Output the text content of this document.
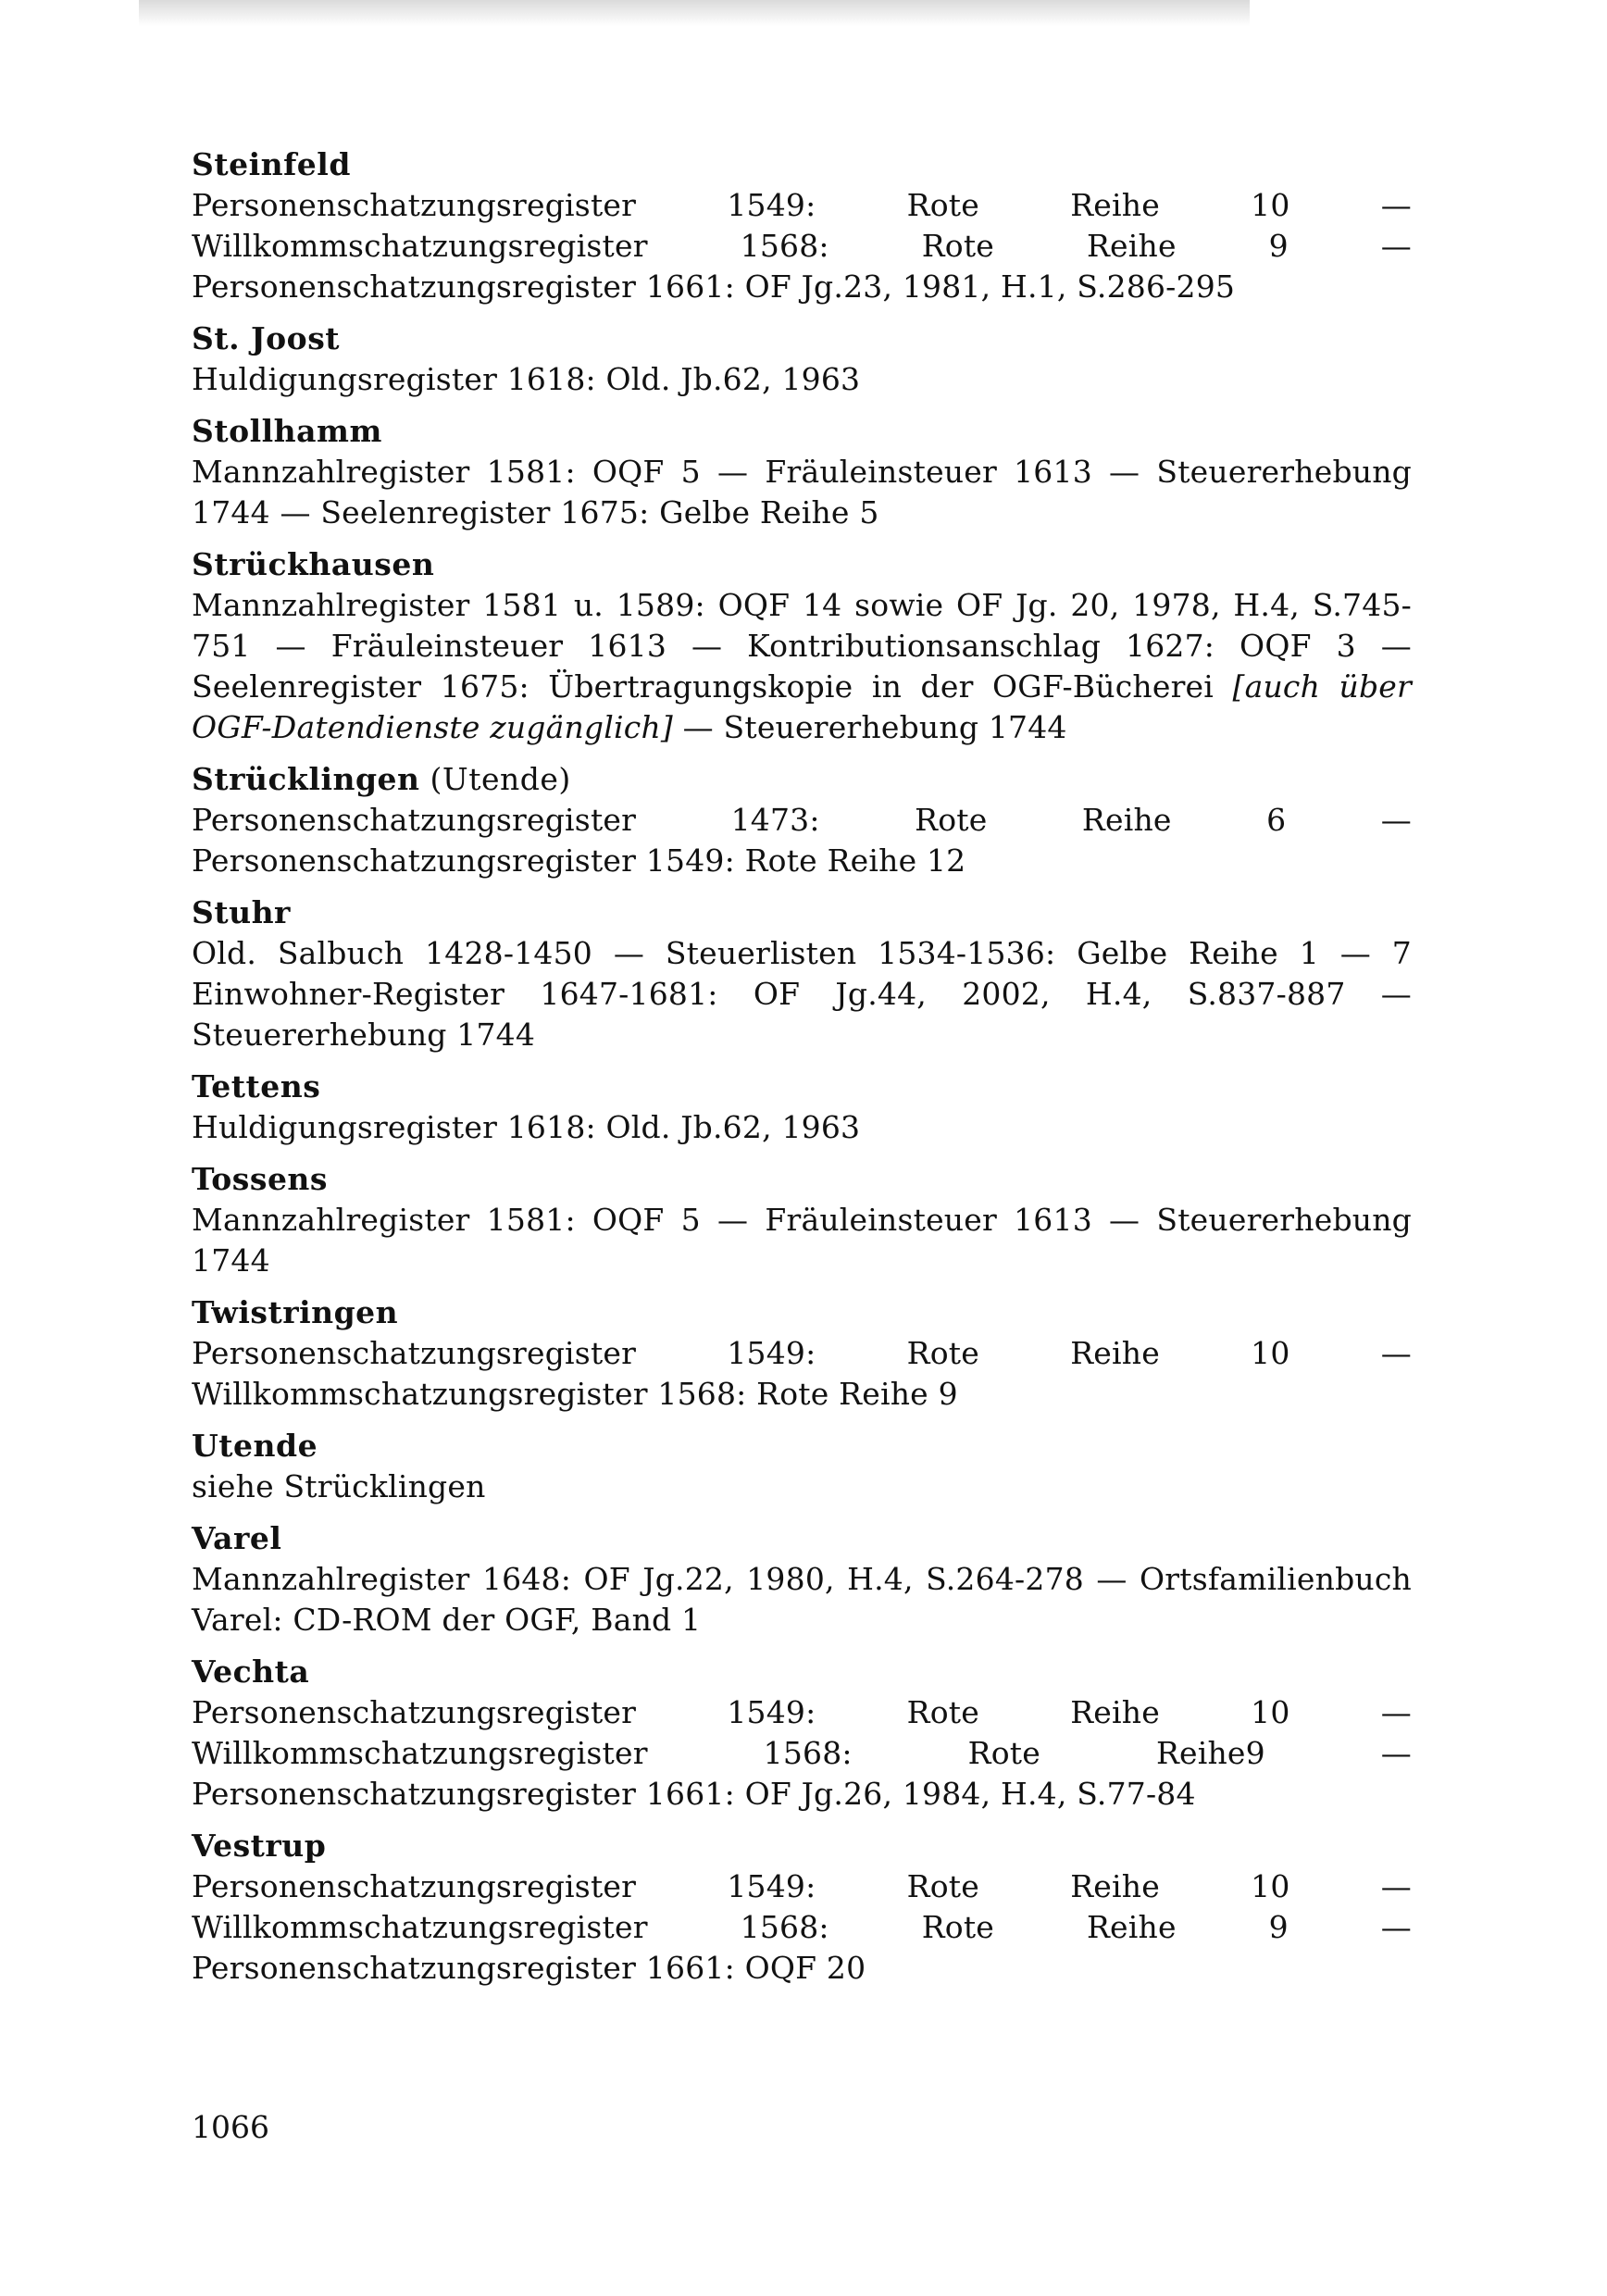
Steinfeld
Personenschatzungsregister 1549: Rote Reihe 10 — Willkommschatzungsregister 1568: Rote Reihe 9 — Personenschatzungsregister 1661: OF Jg.23, 1981, H.1, S.286-295
St. Joost
Huldigungsregister 1618: Old. Jb.62, 1963
Stollhamm
Mannzahlregister 1581: OQF 5 — Fräuleinsteuer 1613 — Steuererhebung 1744 — Seelenregister 1675: Gelbe Reihe 5
Strückhausen
Mannzahlregister 1581 u. 1589: OQF 14 sowie OF Jg. 20, 1978, H.4, S.745-751 — Fräuleinsteuer 1613 — Kontributionsanschlag 1627: OQF 3 — Seelenregister 1675: Übertragungskopie in der OGF-Bücherei [auch über OGF-Datendienste zugänglich] — Steuererhebung 1744
Strücklingen (Utende)
Personenschatzungsregister 1473: Rote Reihe 6 — Personenschatzungsregister 1549: Rote Reihe 12
Stuhr
Old. Salbuch 1428-1450 — Steuerlisten 1534-1536: Gelbe Reihe 1 — 7 Einwohner-Register 1647-1681: OF Jg.44, 2002, H.4, S.837-887 — Steuererhebung 1744
Tettens
Huldigungsregister 1618: Old. Jb.62, 1963
Tossens
Mannzahlregister 1581: OQF 5 — Fräuleinsteuer 1613 — Steuererhebung 1744
Twistringen
Personenschatzungsregister 1549: Rote Reihe 10 — Willkommschatzungsregister 1568: Rote Reihe 9
Utende
siehe Strücklingen
Varel
Mannzahlregister 1648: OF Jg.22, 1980, H.4, S.264-278 — Ortsfamilienbuch Varel: CD-ROM der OGF, Band 1
Vechta
Personenschatzungsregister 1549: Rote Reihe 10 — Willkommschatzungsregister 1568: Rote Reihe9 — Personenschatzungsregister 1661: OF Jg.26, 1984, H.4, S.77-84
Vestrup
Personenschatzungsregister 1549: Rote Reihe 10 — Willkommschatzungsregister 1568: Rote Reihe 9 — Personenschatzungsregister 1661: OQF 20
1066
